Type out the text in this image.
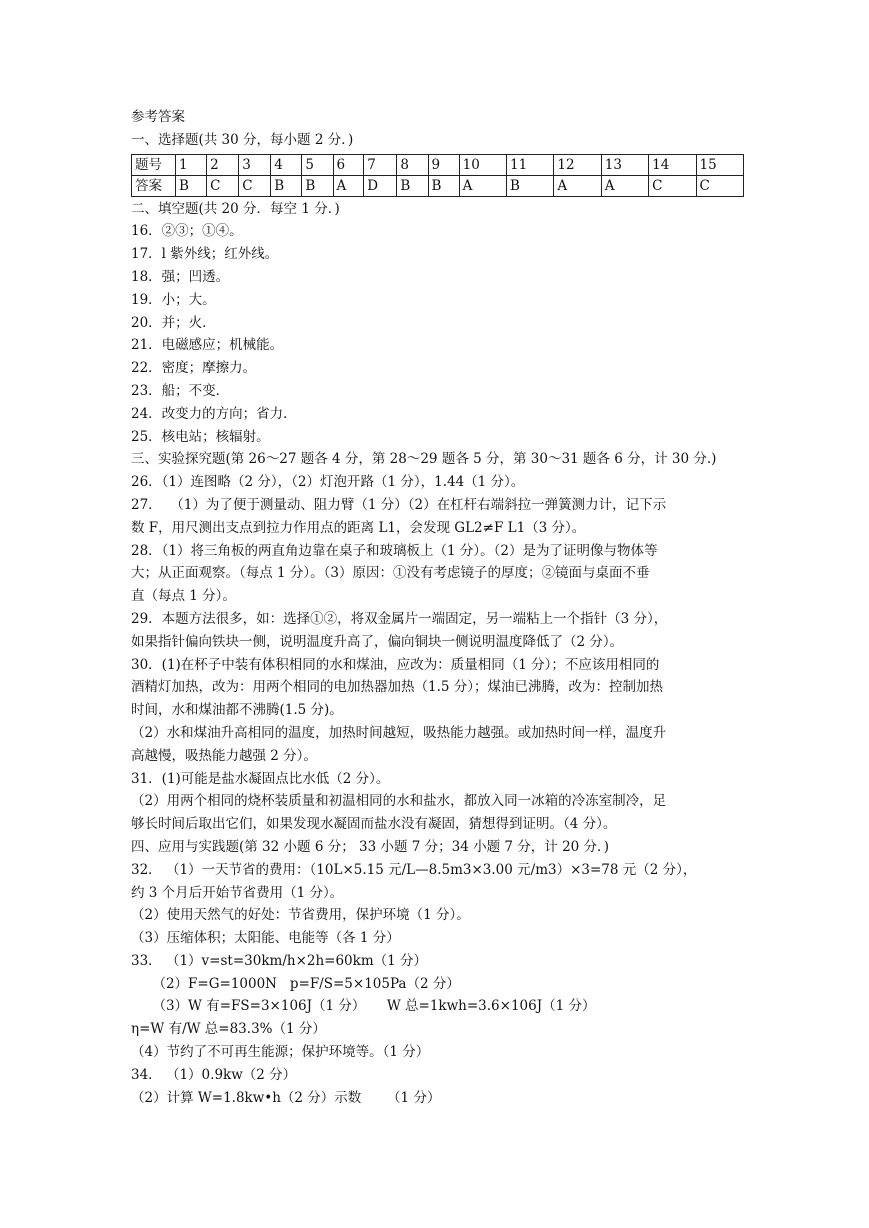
参考答案
一、选择题(共 30 分，每小题 2 分．)
题号	1	2	3	4	5	6	7	8	9	10	11	12	13	14	15
答案	B	C	C	B	B	A	D	B	B	A	B	A	A	C	C
二、填空题(共 20 分．每空 1 分．)
16．②③；①④。
17．l 紫外线；红外线。
18．强；凹透。
19．小；大。
20．并；火．
21．电磁感应；机械能。
22．密度；摩擦力。
23．船；不变．
24．改变力的方向；省力．
25．核电站；核辐射。
三、实验探究题(第 26～27 题各 4 分，第 28～29 题各 5 分，第 30～31 题各 6 分，计 30 分.)
26．（1）连图略（2 分），（2）灯泡开路（1 分），1.44（1 分）。
27．  （1）为了便于测量动、阻力臂（1 分）（2）在杠杆右端斜拉一弹簧测力计，记下示
数 F，用尺测出支点到拉力作用点的距离 L1，会发现 GL2≠F L1（3 分）。
28．（1）将三角板的两直角边靠在桌子和玻璃板上（1 分）。（2）是为了证明像与物体等
大；从正面观察。（每点 1 分）。（3）原因：①没有考虑镜子的厚度；②镜面与桌面不垂
直（每点 1 分）。
29．本题方法很多，如：选择①②，将双金属片一端固定，另一端粘上一个指针（3 分），
如果指针偏向铁块一侧，说明温度升高了，偏向铜块一侧说明温度降低了（2 分）。
30．(1)在杯子中装有体积相同的水和煤油，应改为：质量相同（1 分）；不应该用相同的
酒精灯加热，改为：用两个相同的电加热器加热（1.5 分）；煤油已沸腾，改为：控制加热
时间，水和煤油都不沸腾(1.5 分)。
（2）水和煤油升高相同的温度，加热时间越短，吸热能力越强。或加热时间一样，温度升
高越慢，吸热能力越强 2 分）。
31．(1)可能是盐水凝固点比水低（2 分）。
（2）用两个相同的烧杯装质量和初温相同的水和盐水，都放入同一冰箱的冷冻室制冷，足
够长时间后取出它们，如果发现水凝固而盐水没有凝固，猜想得到证明。（4 分）。
四、应用与实践题(第 32 小题 6 分； 33 小题 7 分；34 小题 7 分，计 20 分．)
32． （1）一天节省的费用：（10L×5.15 元/L—8.5m3×3.00 元/m3）×3=78 元（2 分），
约 3 个月后开始节省费用（1 分）。
（2）使用天然气的好处：节省费用，保护环境（1 分）。
（3）压缩体积；太阳能、电能等（各 1 分）
33． （1）v=st=30km/h×2h=60km（1 分）
（2）F=G=1000N   p=F/S=5×105Pa（2 分）
（3）W 有=FS=3×106J（1 分）     W 总=1kwh=3.6×106J（1 分）
η=W 有/W 总=83.3%（1 分）
（4）节约了不可再生能源；保护环境等。（1 分）
34． （1）0.9kw（2 分）
（2）计算 W=1.8kw•h（2 分）示数      （1 分）
